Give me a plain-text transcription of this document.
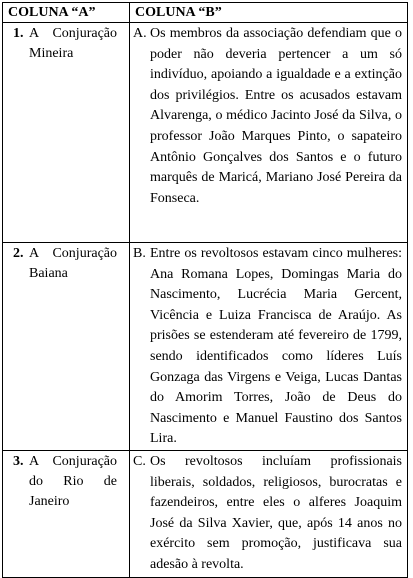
COLUNA “A”	COLUNA “B”

1. A Conjuração Mineira	A. Os membros da associação defendiam que o poder não deveria pertencer a um só indivíduo, apoiando a igualdade e a extinção dos privilégios. Entre os acusados estavam Alvarenga, o médico Jacinto José da Silva, o professor João Marques Pinto, o sapateiro Antônio Gonçalves dos Santos e o futuro marquês de Maricá, Mariano José Pereira da Fonseca.

2. A Conjuração Baiana	B. Entre os revoltosos estavam cinco mulheres: Ana Romana Lopes, Domingas Maria do Nascimento, Lucrécia Maria Gercent, Vicência e Luiza Francisca de Araújo. As prisões se estenderam até fevereiro de 1799, sendo identificados como líderes Luís Gonzaga das Virgens e Veiga, Lucas Dantas do Amorim Torres, João de Deus do Nascimento e Manuel Faustino dos Santos Lira.

3. A Conjuração do Rio de Janeiro	C. Os revoltosos incluíam profissionais liberais, soldados, religiosos, burocratas e fazendeiros, entre eles o alferes Joaquim José da Silva Xavier, que, após 14 anos no exército sem promoção, justificava sua adesão à revolta.
